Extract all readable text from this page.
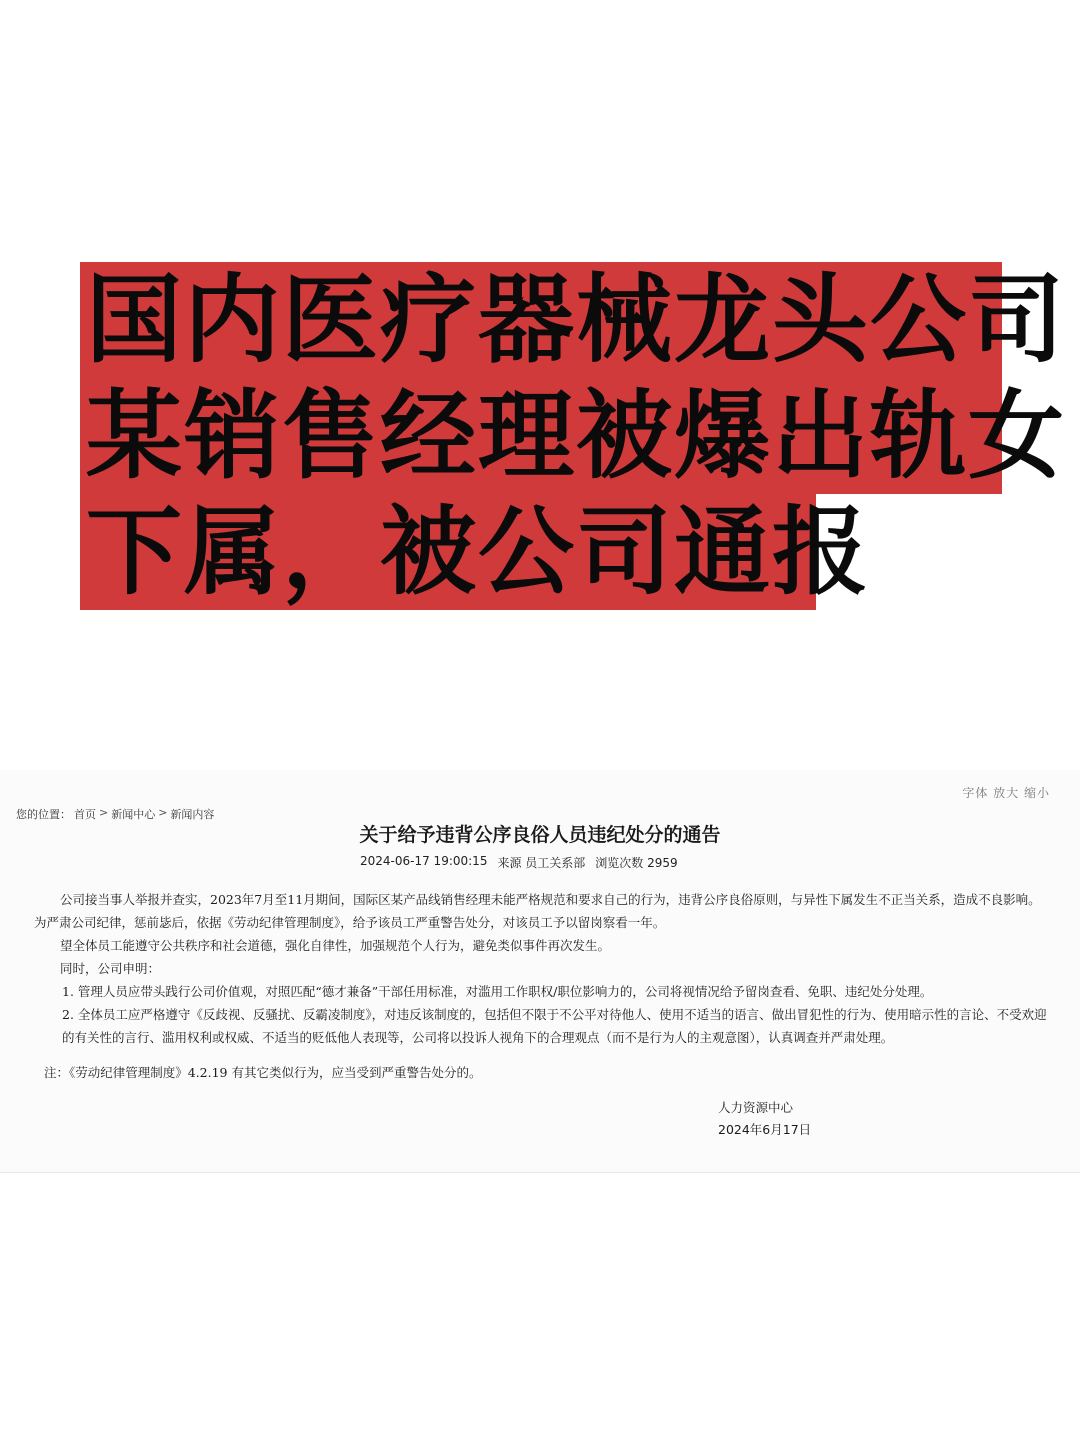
国内医疗器械龙头公司
某销售经理被爆出轨女
下属，被公司通报
字体 放大 缩小
您的位置： 首页 > 新闻中心 > 新闻内容
关于给予违背公序良俗人员违纪处分的通告
2024-06-17 19:00:15 来源 员工关系部 浏览次数 2959

公司接当事人举报并查实，2023年7月至11月期间，国际区某产品线销售经理未能严格规范和要求自己的行为，违背公序良俗原则，与异性下属发生不正当关系，造成不良影响。为严肃公司纪律，惩前毖后，依据《劳动纪律管理制度》，给予该员工严重警告处分，对该员工予以留岗察看一年。

望全体员工能遵守公共秩序和社会道德，强化自律性，加强规范个人行为，避免类似事件再次发生。

同时，公司申明：

1. 管理人员应带头践行公司价值观，对照匹配“德才兼备”干部任用标准，对滥用工作职权/职位影响力的，公司将视情况给予留岗查看、免职、违纪处分处理。

2. 全体员工应严格遵守《反歧视、反骚扰、反霸凌制度》，对违反该制度的，包括但不限于不公平对待他人、使用不适当的语言、做出冒犯性的行为、使用暗示性的言论、不受欢迎的有关性的言行、滥用权利或权威、不适当的贬低他人表现等，公司将以投诉人视角下的合理观点（而不是行为人的主观意图），认真调查并严肃处理。

注：《劳动纪律管理制度》4.2.19 有其它类似行为，应当受到严重警告处分的。

人力资源中心
2024年6月17日
